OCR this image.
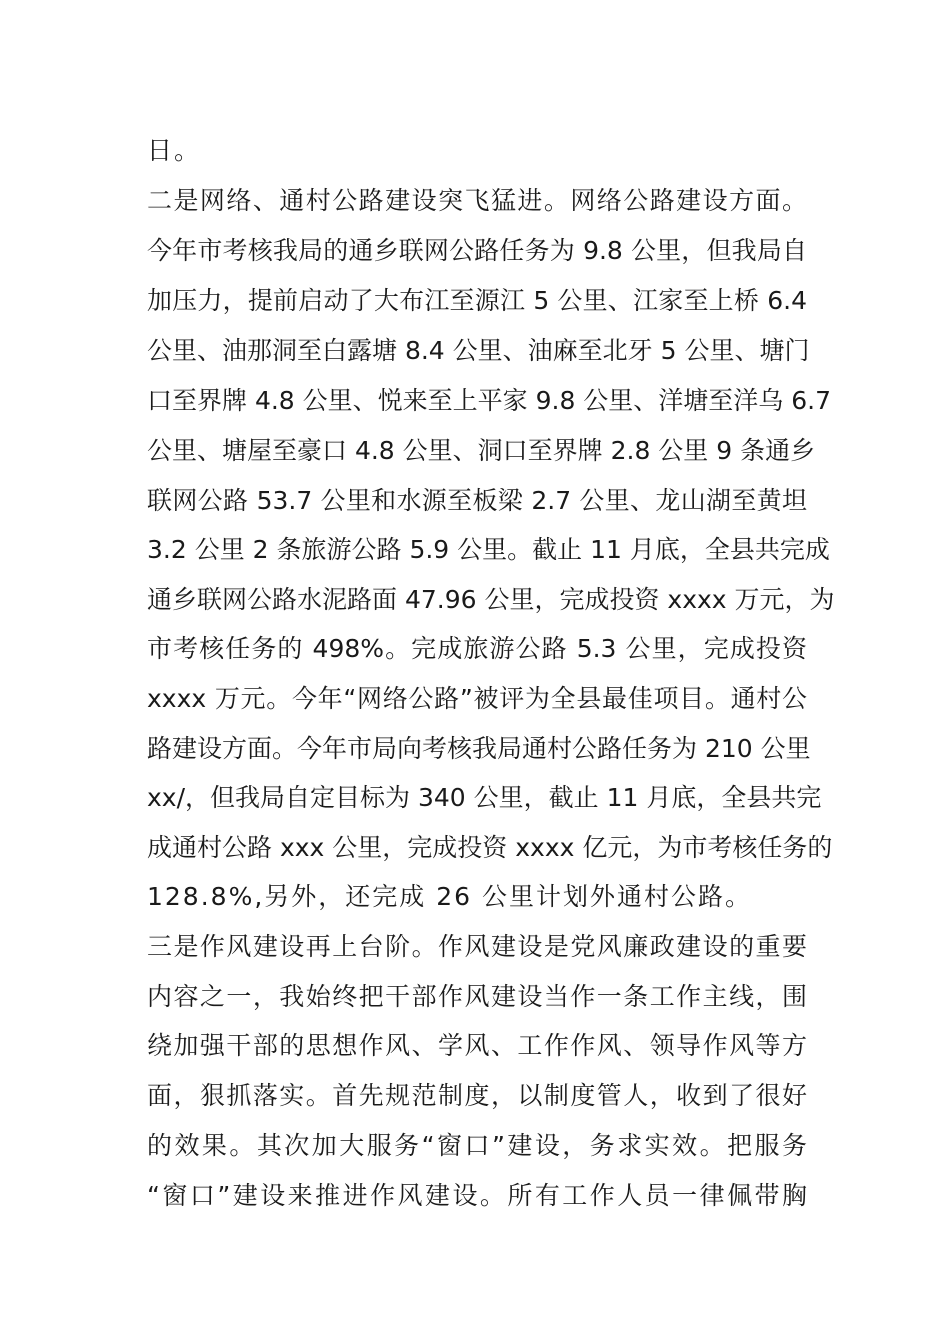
日。
二是网络、通村公路建设突飞猛进。网络公路建设方面。
今年市考核我局的通乡联网公路任务为 9.8 公里，但我局自
加压力，提前启动了大布江至源江 5 公里、江家至上桥 6.4
公里、油那洞至白露塘 8.4 公里、油麻至北牙 5 公里、塘门
口至界牌 4.8 公里、悦来至上平家 9.8 公里、洋塘至洋乌 6.7
公里、塘屋至豪口 4.8 公里、洞口至界牌 2.8 公里 9 条通乡
联网公路 53.7 公里和水源至板梁 2.7 公里、龙山湖至黄坦
3.2 公里 2 条旅游公路 5.9 公里。截止 11 月底，全县共完成
通乡联网公路水泥路面 47.96 公里，完成投资 xxxx 万元，为
市考核任务的 498%。完成旅游公路 5.3 公里，完成投资
xxxx 万元。今年“网络公路”被评为全县最佳项目。通村公
路建设方面。今年市局向考核我局通村公路任务为 210 公里
xx/，但我局自定目标为 340 公里，截止 11 月底，全县共完
成通村公路 xxx 公里，完成投资 xxxx 亿元，为市考核任务的
128.8%,另外，还完成 26 公里计划外通村公路。
三是作风建设再上台阶。作风建设是党风廉政建设的重要
内容之一，我始终把干部作风建设当作一条工作主线，围
绕加强干部的思想作风、学风、工作作风、领导作风等方
面，狠抓落实。首先规范制度，以制度管人，收到了很好
的效果。其次加大服务“窗口”建设，务求实效。把服务
“窗口”建设来推进作风建设。所有工作人员一律佩带胸
